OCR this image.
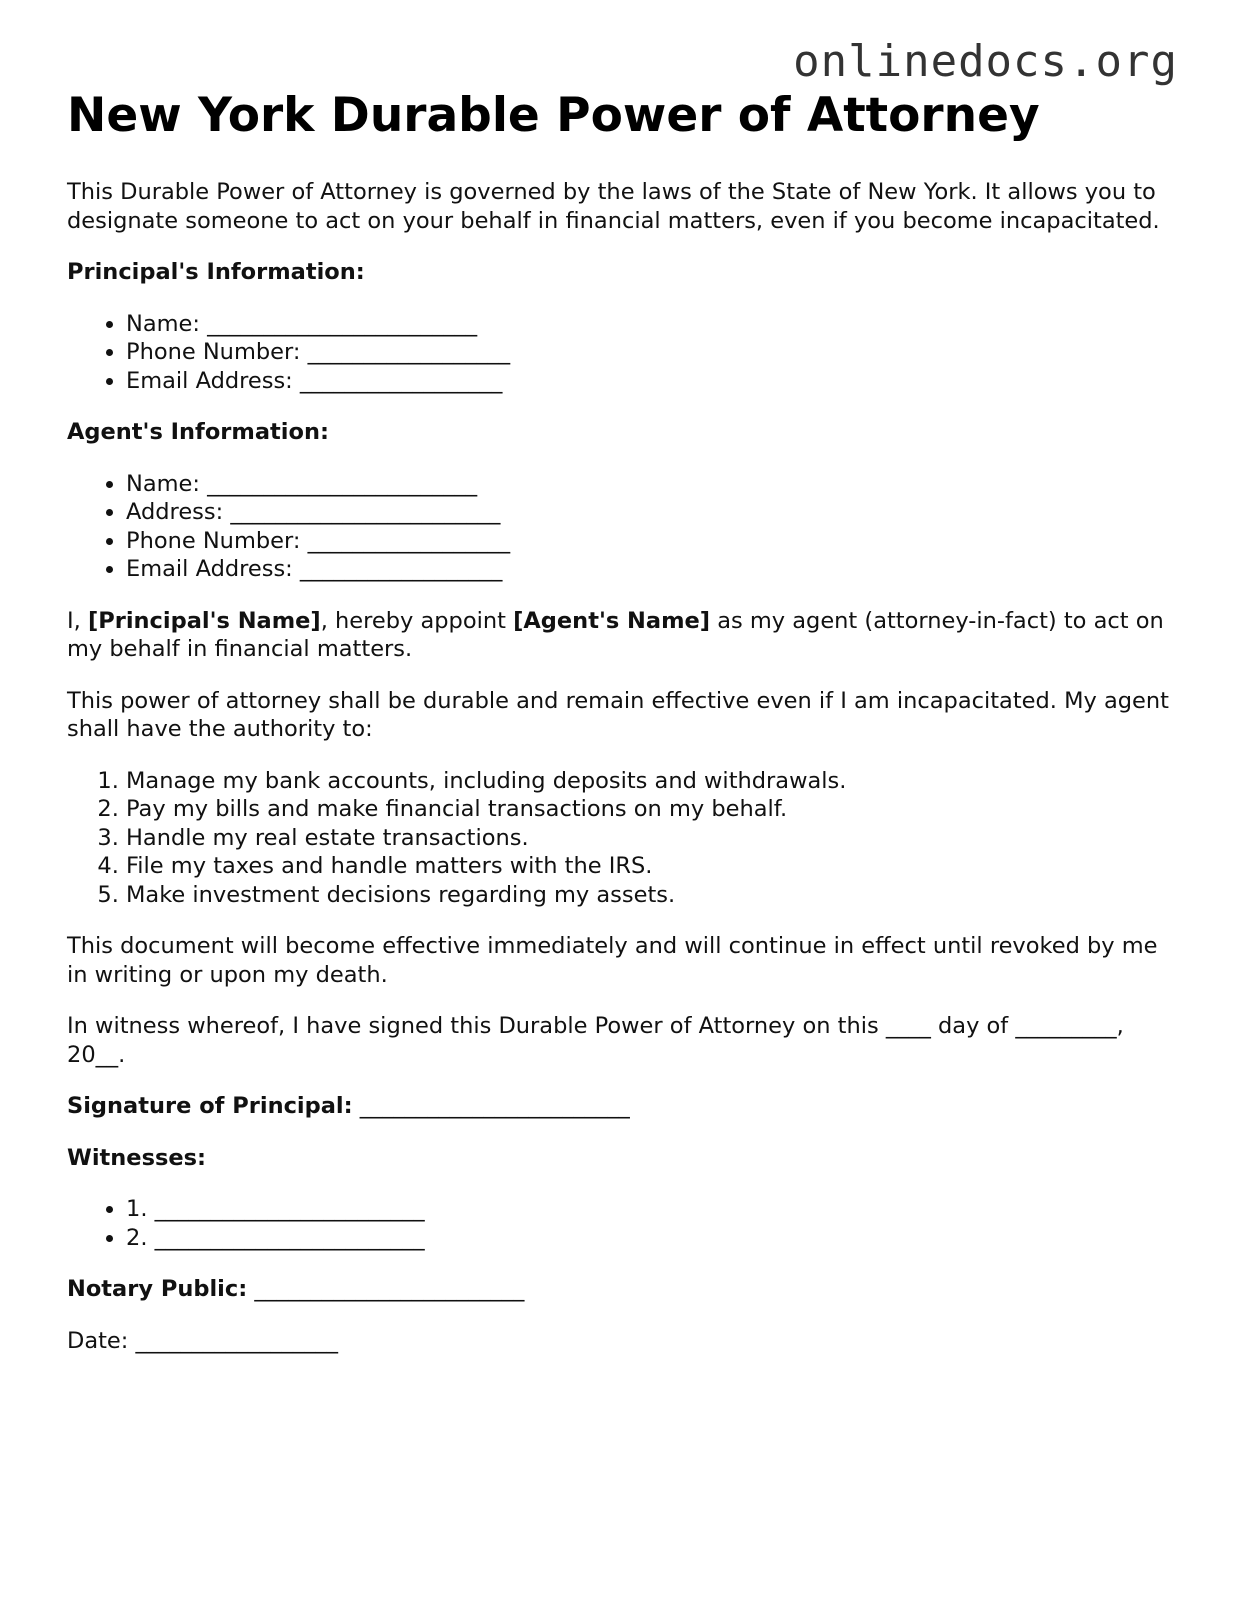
onlinedocs.org
New York Durable Power of Attorney

This Durable Power of Attorney is governed by the laws of the State of New York. It allows you to designate someone to act on your behalf in financial matters, even if you become incapacitated.

Principal's Information:

• Name: ________________________
• Phone Number: __________________
• Email Address: __________________

Agent's Information:

• Name: ________________________
• Address: ________________________
• Phone Number: __________________
• Email Address: __________________

I, [Principal's Name], hereby appoint [Agent's Name] as my agent (attorney-in-fact) to act on my behalf in financial matters.

This power of attorney shall be durable and remain effective even if I am incapacitated. My agent shall have the authority to:

1. Manage my bank accounts, including deposits and withdrawals.
2. Pay my bills and make financial transactions on my behalf.
3. Handle my real estate transactions.
4. File my taxes and handle matters with the IRS.
5. Make investment decisions regarding my assets.

This document will become effective immediately and will continue in effect until revoked by me in writing or upon my death.

In witness whereof, I have signed this Durable Power of Attorney on this ____ day of _________, 20__.

Signature of Principal: ________________________

Witnesses:

• 1. ________________________
• 2. ________________________

Notary Public: ________________________

Date: __________________
